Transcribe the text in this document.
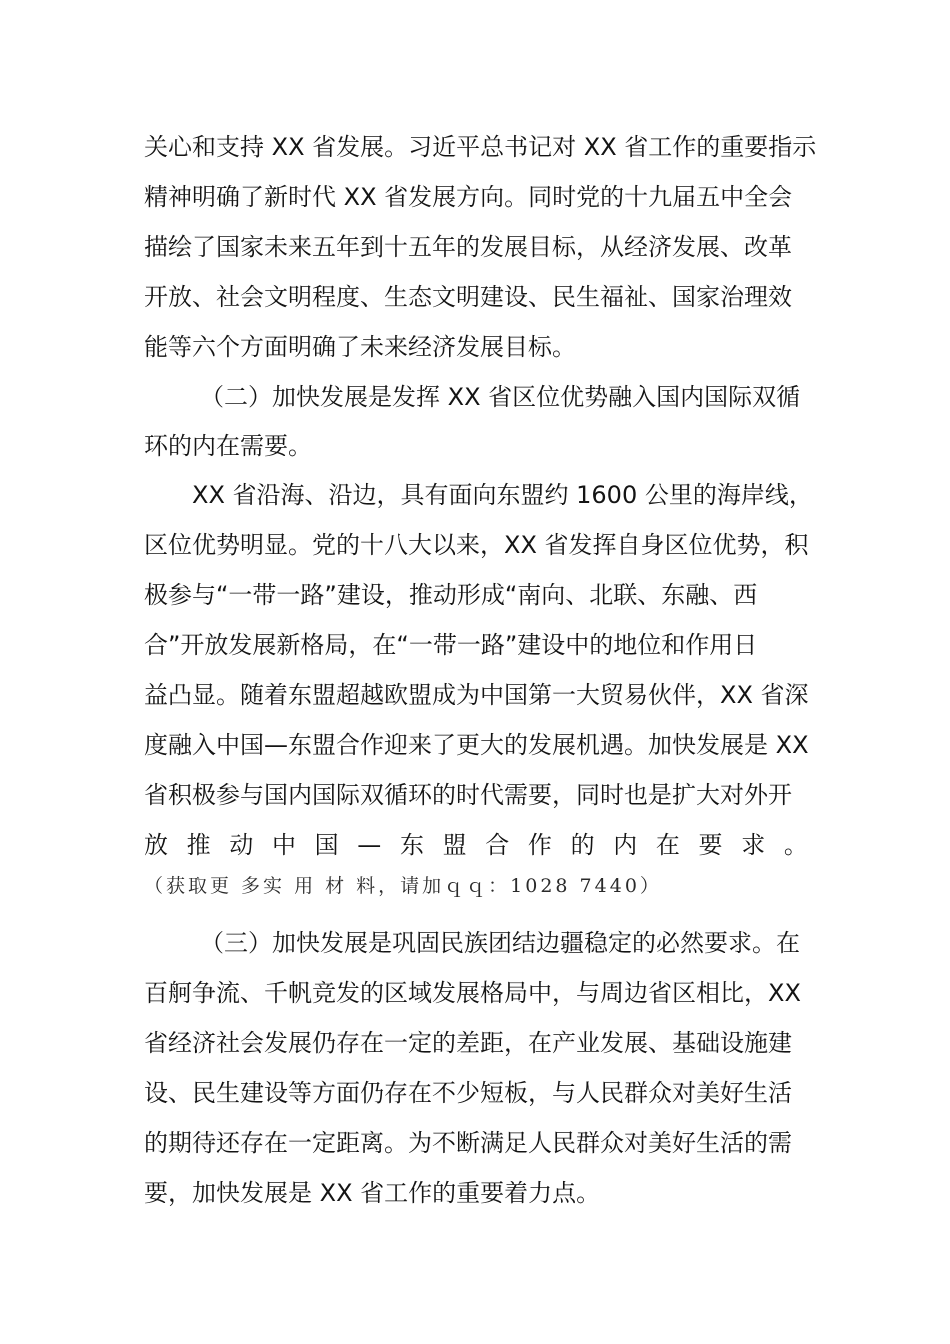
关心和支持 XX 省发展。习近平总书记对 XX 省工作的重要指示
精神明确了新时代 XX 省发展方向。同时党的十九届五中全会
描绘了国家未来五年到十五年的发展目标，从经济发展、改革
开放、社会文明程度、生态文明建设、民生福祉、国家治理效
能等六个方面明确了未来经济发展目标。
（二）加快发展是发挥 XX 省区位优势融入国内国际双循
环的内在需要。
XX 省沿海、沿边，具有面向东盟约 1600 公里的海岸线，
区位优势明显。党的十八大以来，XX 省发挥自身区位优势，积
极参与“一带一路”建设，推动形成“南向、北联、东融、西
合”开放发展新格局，在“一带一路”建设中的地位和作用日
益凸显。随着东盟超越欧盟成为中国第一大贸易伙伴，XX 省深
度融入中国—东盟合作迎来了更大的发展机遇。加快发展是 XX
省积极参与国内国际双循环的时代需要，同时也是扩大对外开
放 推 动 中 国 — 东 盟 合 作 的 内 在 要 求 。
（三）加快发展是巩固民族团结边疆稳定的必然要求。在
百舸争流、千帆竞发的区域发展格局中，与周边省区相比，XX
省经济社会发展仍存在一定的差距，在产业发展、基础设施建
设、民生建设等方面仍存在不少短板，与人民群众对美好生活
的期待还存在一定距离。为不断满足人民群众对美好生活的需
要，加快发展是 XX 省工作的重要着力点。
（获取更 多实 用 材 料，请加ｑｑ：1028 7440）
